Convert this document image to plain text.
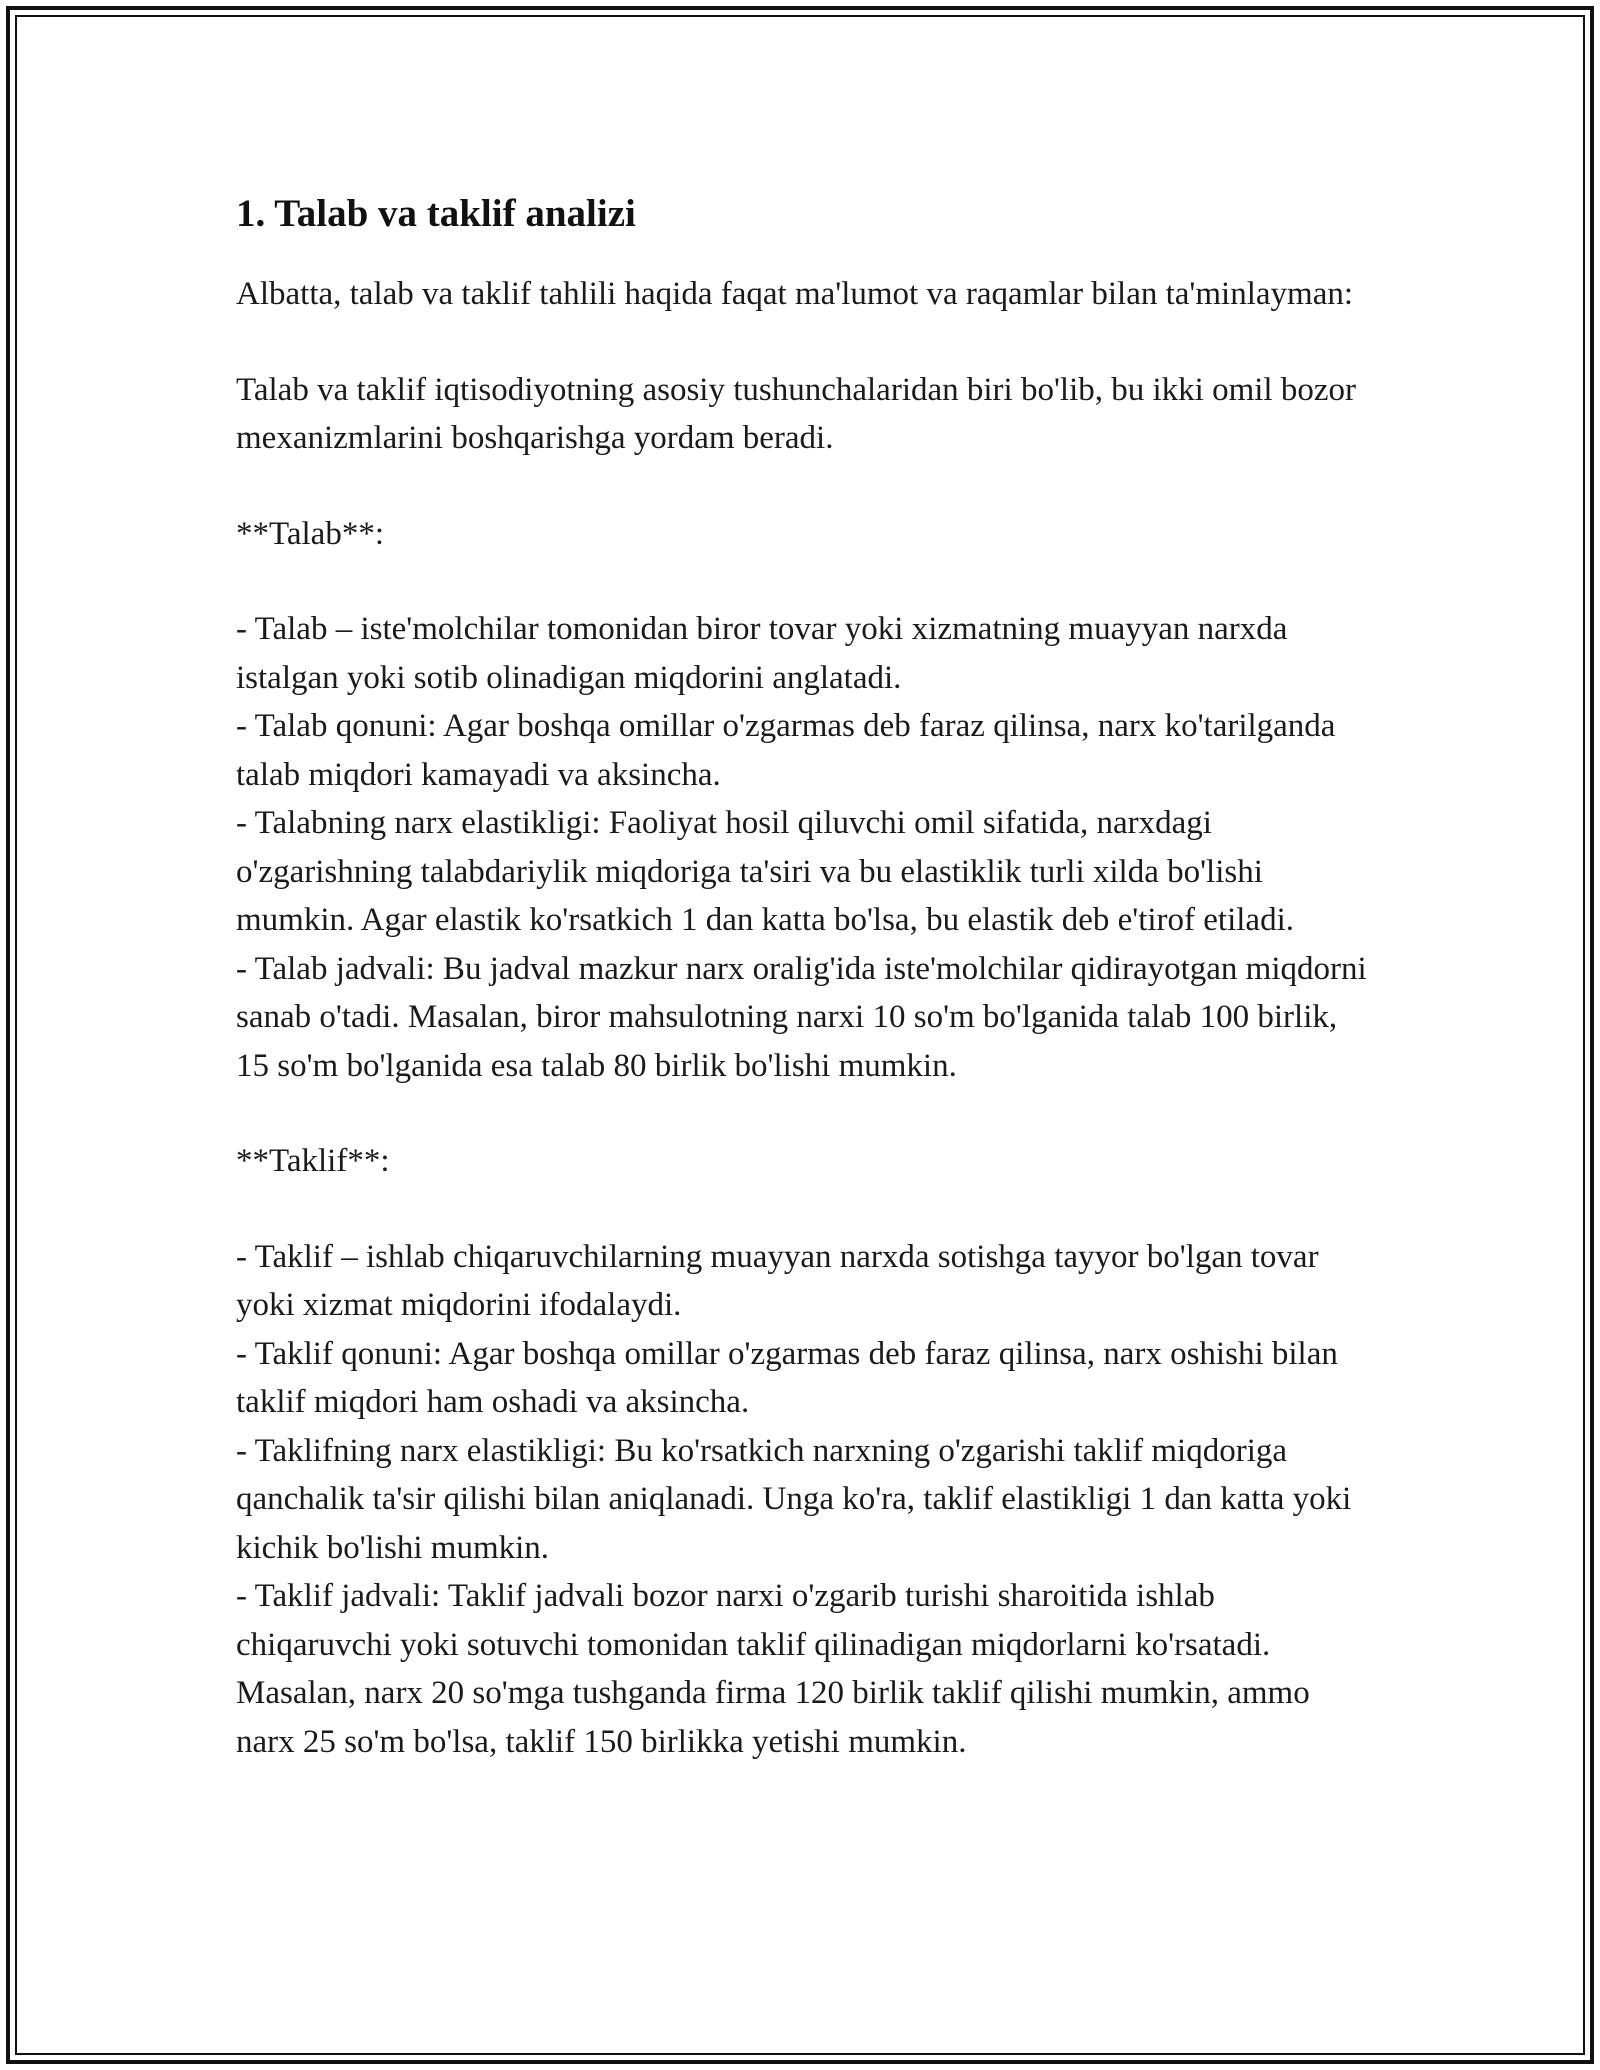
1. Talab va taklif analizi

Albatta, talab va taklif tahlili haqida faqat ma'lumot va raqamlar bilan ta'minlayman:

Talab va taklif iqtisodiyotning asosiy tushunchalaridan biri bo'lib, bu ikki omil bozor mexanizmlarini boshqarishga yordam beradi.

**Talab**:
- Talab – iste'molchilar tomonidan biror tovar yoki xizmatning muayyan narxda istalgan yoki sotib olinadigan miqdorini anglatadi.
- Talab qonuni: Agar boshqa omillar o'zgarmas deb faraz qilinsa, narx ko'tarilganda talab miqdori kamayadi va aksincha.
- Talabning narx elastikligi: Faoliyat hosil qiluvchi omil sifatida, narxdagi o'zgarishning talabdariylik miqdoriga ta'siri va bu elastiklik turli xilda bo'lishi mumkin. Agar elastik ko'rsatkich 1 dan katta bo'lsa, bu elastik deb e'tirof etiladi.
- Talab jadvali: Bu jadval mazkur narx oralig'ida iste'molchilar qidirayotgan miqdorni sanab o'tadi. Masalan, biror mahsulotning narxi 10 so'm bo'lganida talab 100 birlik, 15 so'm bo'lganida esa talab 80 birlik bo'lishi mumkin.
**Taklif**:
- Taklif – ishlab chiqaruvchilarning muayyan narxda sotishga tayyor bo'lgan tovar yoki xizmat miqdorini ifodalaydi.
- Taklif qonuni: Agar boshqa omillar o'zgarmas deb faraz qilinsa, narx oshishi bilan taklif miqdori ham oshadi va aksincha.
- Taklifning narx elastikligi: Bu ko'rsatkich narxning o'zgarishi taklif miqdoriga qanchalik ta'sir qilishi bilan aniqlanadi. Unga ko'ra, taklif elastikligi 1 dan katta yoki kichik bo'lishi mumkin.
- Taklif jadvali: Taklif jadvali bozor narxi o'zgarib turishi sharoitida ishlab chiqaruvchi yoki sotuvchi tomonidan taklif qilinadigan miqdorlarni ko'rsatadi. Masalan, narx 20 so'mga tushganda firma 120 birlik taklif qilishi mumkin, ammo narx 25 so'm bo'lsa, taklif 150 birlikka yetishi mumkin.
